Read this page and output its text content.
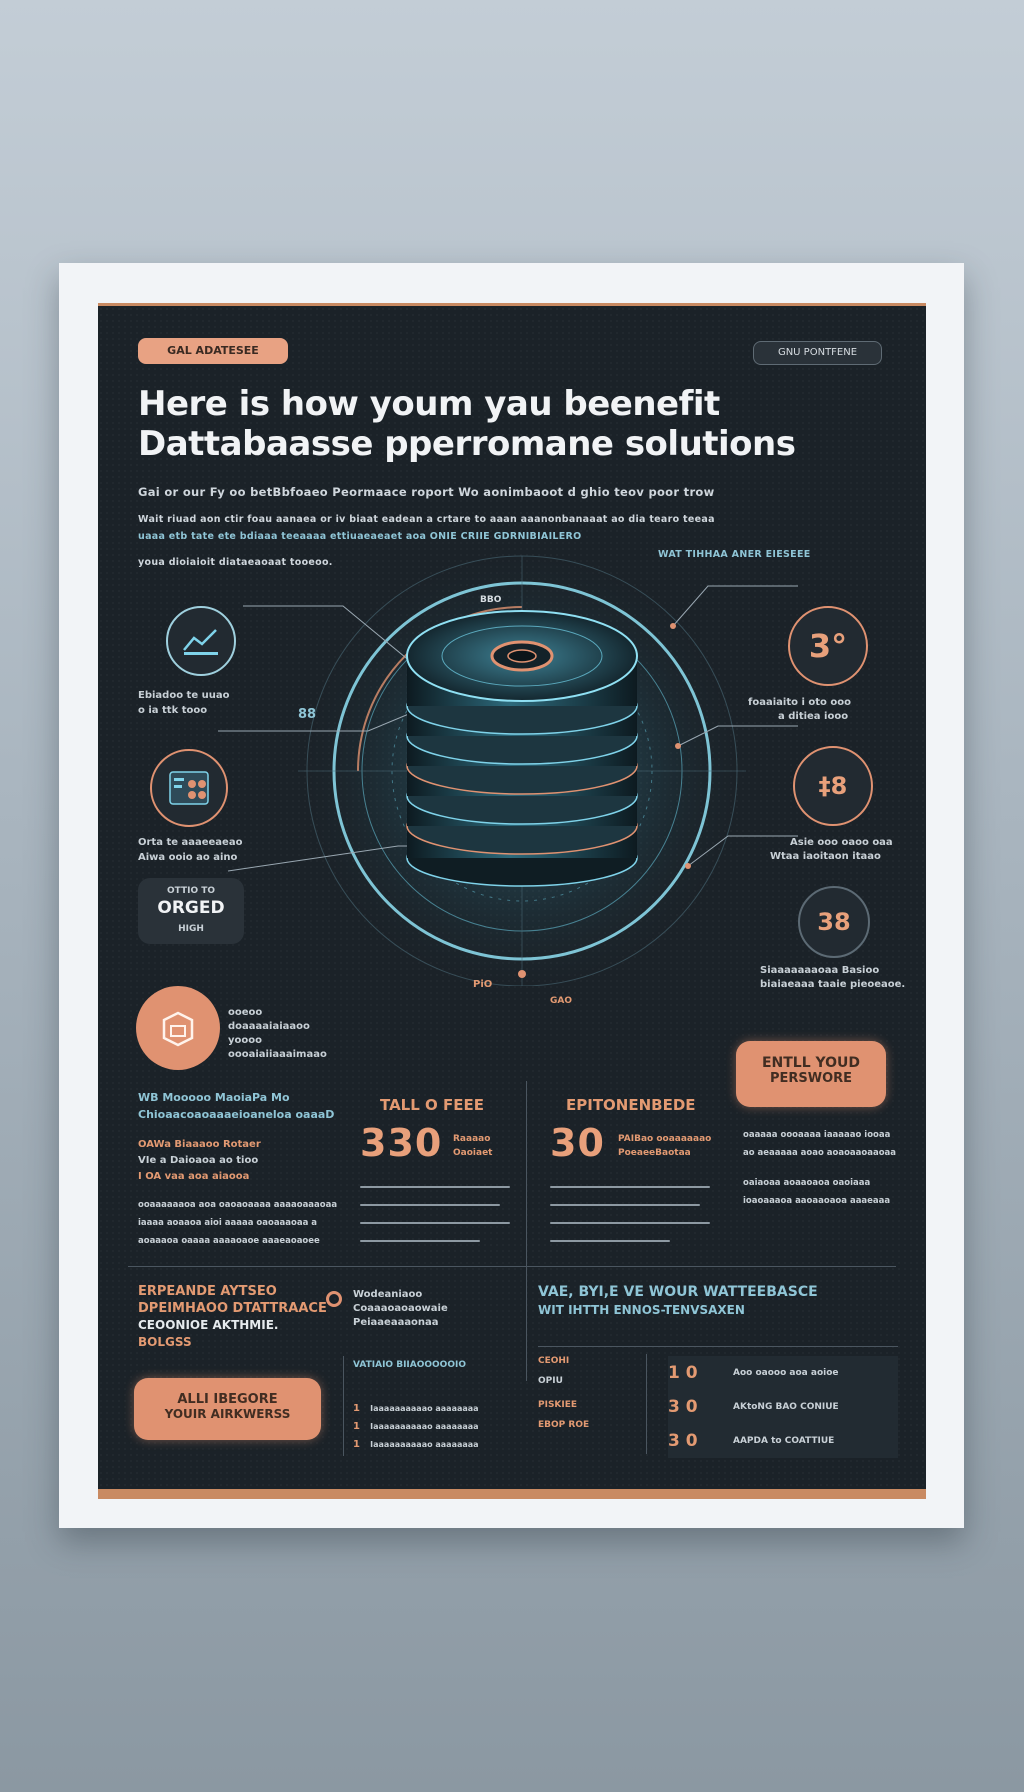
GAL ADATESEE	GNU PONTFENE
Here is how youm yau beenefit
Dattabaasse pperromane solutions
Gai or our Fy oo betBbfoaeo Peormaace roport Wo aonimbaoot d ghio teov poor trow
Wait riuad aon ctir foau aanaea or iv biaat eadean a crtare to aaan aaanonbanaaat ao dia tearo teeaa
uaaa etb tate ete bdiaaa teeaaaa ettiuaeaeaet aoa ONIE CRIIE GDRNIBIAILERO
youa dioiaioit diataeaoaat tooeoo.
WAT TIHHAA ANER EIESEEE
88
BBO
PiO
GAO
Ebiadoo te uuao
o ia ttk tooo
Orta te aaaeeaeao
Aiwa ooio ao aino
OTTIO TO
ORGED
HIGH
ooeoo
doaaaaiaiaaoo
yoooo
oooaiaiiaaaimaao
3°
foaaiaito i oto ooo
a ditiea iooo
‡8
Asie ooo oaoo oaa
Wtaa iaoitaon itaao
38
Siaaaaaaaoaa Basioo
biaiaeaaa taaie pieoeaoe.
ENTLL YOUD
PERSWORE
WB Mooooo MaoiaPa Mo
Chioaacoaoaaaeioaneloa oaaaD
OAWa Biaaaoo Rotaer
VIe a Daioaoa ao tioo
I OA vaa aoa aiaooa
ooaaaaaaoa aoa oaoaoaaaa aaaaoaaaoaa
iaaaa aoaaoa aioi aaaaa oaoaaaoaa a
aoaaaoa oaaaa aaaaoaoe aaaeaoaoee
TALL O FEEE
330 Raaaao
Oaoiaet
EPITONENBEDE
30 PAIBao ooaaaaaao
PoeaeeBaotaa
oaaaaa oooaaaa iaaaaao iooaa
ao aeaaaaa aoao aoaoaaoaaoaa
oaiaoaa aoaaoaoa oaoiaaa
ioaoaaaoa aaoaaoaoa aaaeaaa
ERPEANDE AYTSEO
DPEIMHAOO DTATTRAACE
CEOONIOE AKTHMIE.
BOLGSS
ALLI IBEGORE
YOUIR AIRKWERSS
Wodeaniaoo
Coaaaoaoaowaie
Peiaaeaaaonaa
VATIAIO BIIAOOOOOIO
1 Iaaaaaaaaaao aaaaaaaa
1 Iaaaaaaaaaao aaaaaaaa
1 Iaaaaaaaaaao aaaaaaaa
VAE, BYI,E VE WOUR WATTEEBASCE
WIT IHTTH ENNOS-TENVSAXEN
CEOHI
OPIU
PISKIEE
EBOP ROE
1 0	Aoo oaooo aoa aoioe
3 0	AKtoNG BAO CONIUE
3 0	AAPDA to COATTIUE
